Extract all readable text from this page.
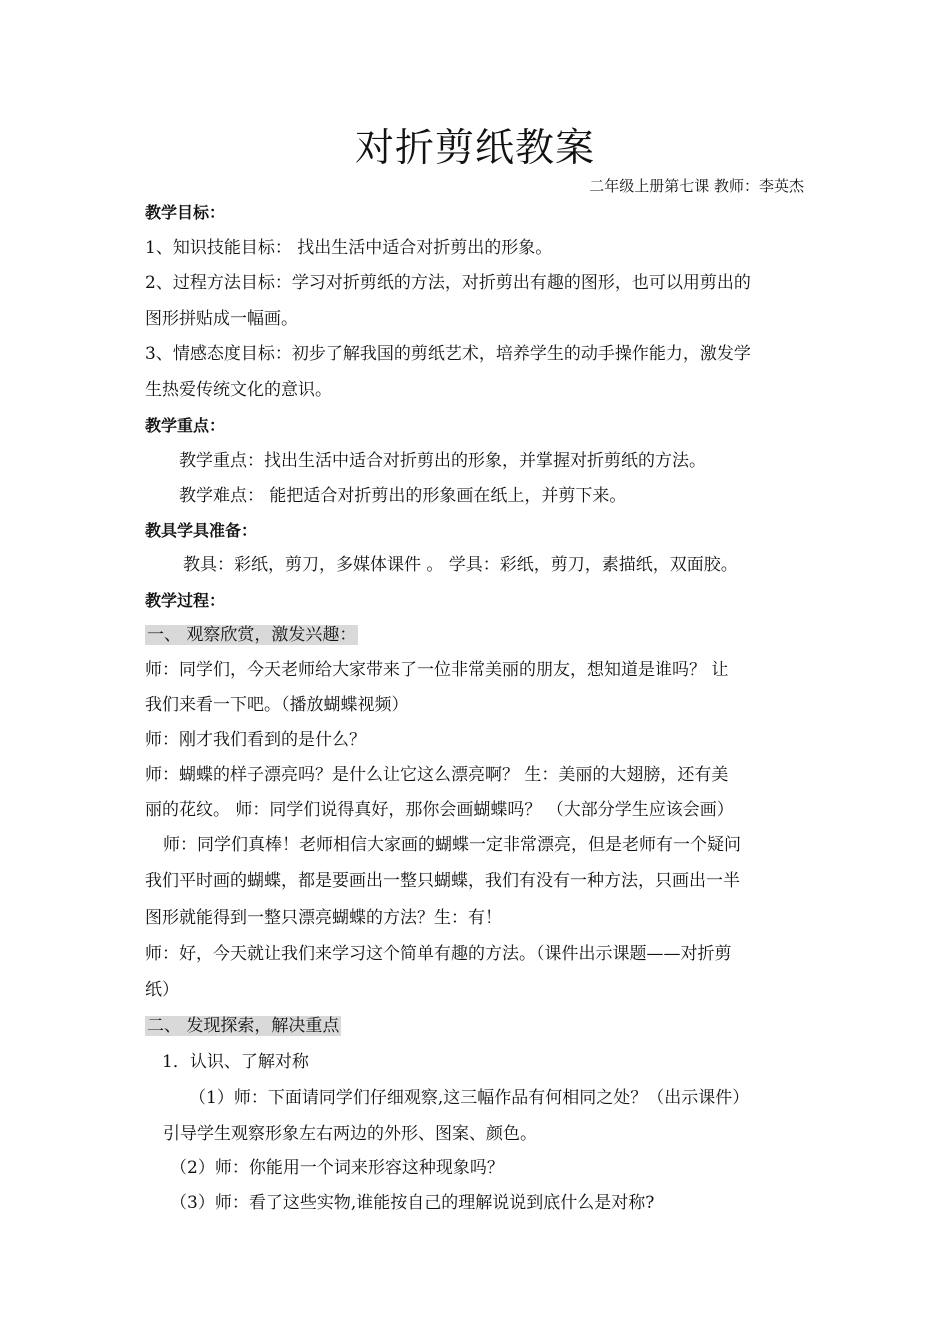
对折剪纸教案
二年级上册第七课 教师：李英杰
教学目标：
1、知识技能目标： 找出生活中适合对折剪出的形象。
2、过程方法目标：学习对折剪纸的方法，对折剪出有趣的图形，也可以用剪出的
图形拼贴成一幅画。
3、情感态度目标：初步了解我国的剪纸艺术，培养学生的动手操作能力，激发学
生热爱传统文化的意识。
教学重点：
教学重点：找出生活中适合对折剪出的形象，并掌握对折剪纸的方法。
教学难点： 能把适合对折剪出的形象画在纸上，并剪下来。
教具学具准备：
教具：彩纸，剪刀，多媒体课件 。 学具：彩纸，剪刀，素描纸，双面胶。
教学过程：
一、 观察欣赏，激发兴趣：
师：同学们，今天老师给大家带来了一位非常美丽的朋友，想知道是谁吗？ 让
我们来看一下吧。（播放蝴蝶视频）
师：刚才我们看到的是什么？
师：蝴蝶的样子漂亮吗？是什么让它这么漂亮啊？ 生：美丽的大翅膀，还有美
丽的花纹。 师：同学们说得真好，那你会画蝴蝶吗？ （大部分学生应该会画）
师：同学们真棒！老师相信大家画的蝴蝶一定非常漂亮，但是老师有一个疑问
我们平时画的蝴蝶，都是要画出一整只蝴蝶，我们有没有一种方法，只画出一半
图形就能得到一整只漂亮蝴蝶的方法？生：有！
师：好，今天就让我们来学习这个简单有趣的方法。（课件出示课题——对折剪
纸）
二、 发现探索，解决重点
1．认识、了解对称
（1）师：下面请同学们仔细观察,这三幅作品有何相同之处？（出示课件）
引导学生观察形象左右两边的外形、图案、颜色。
（2）师：你能用一个词来形容这种现象吗？
（3）师：看了这些实物,谁能按自己的理解说说到底什么是对称?
